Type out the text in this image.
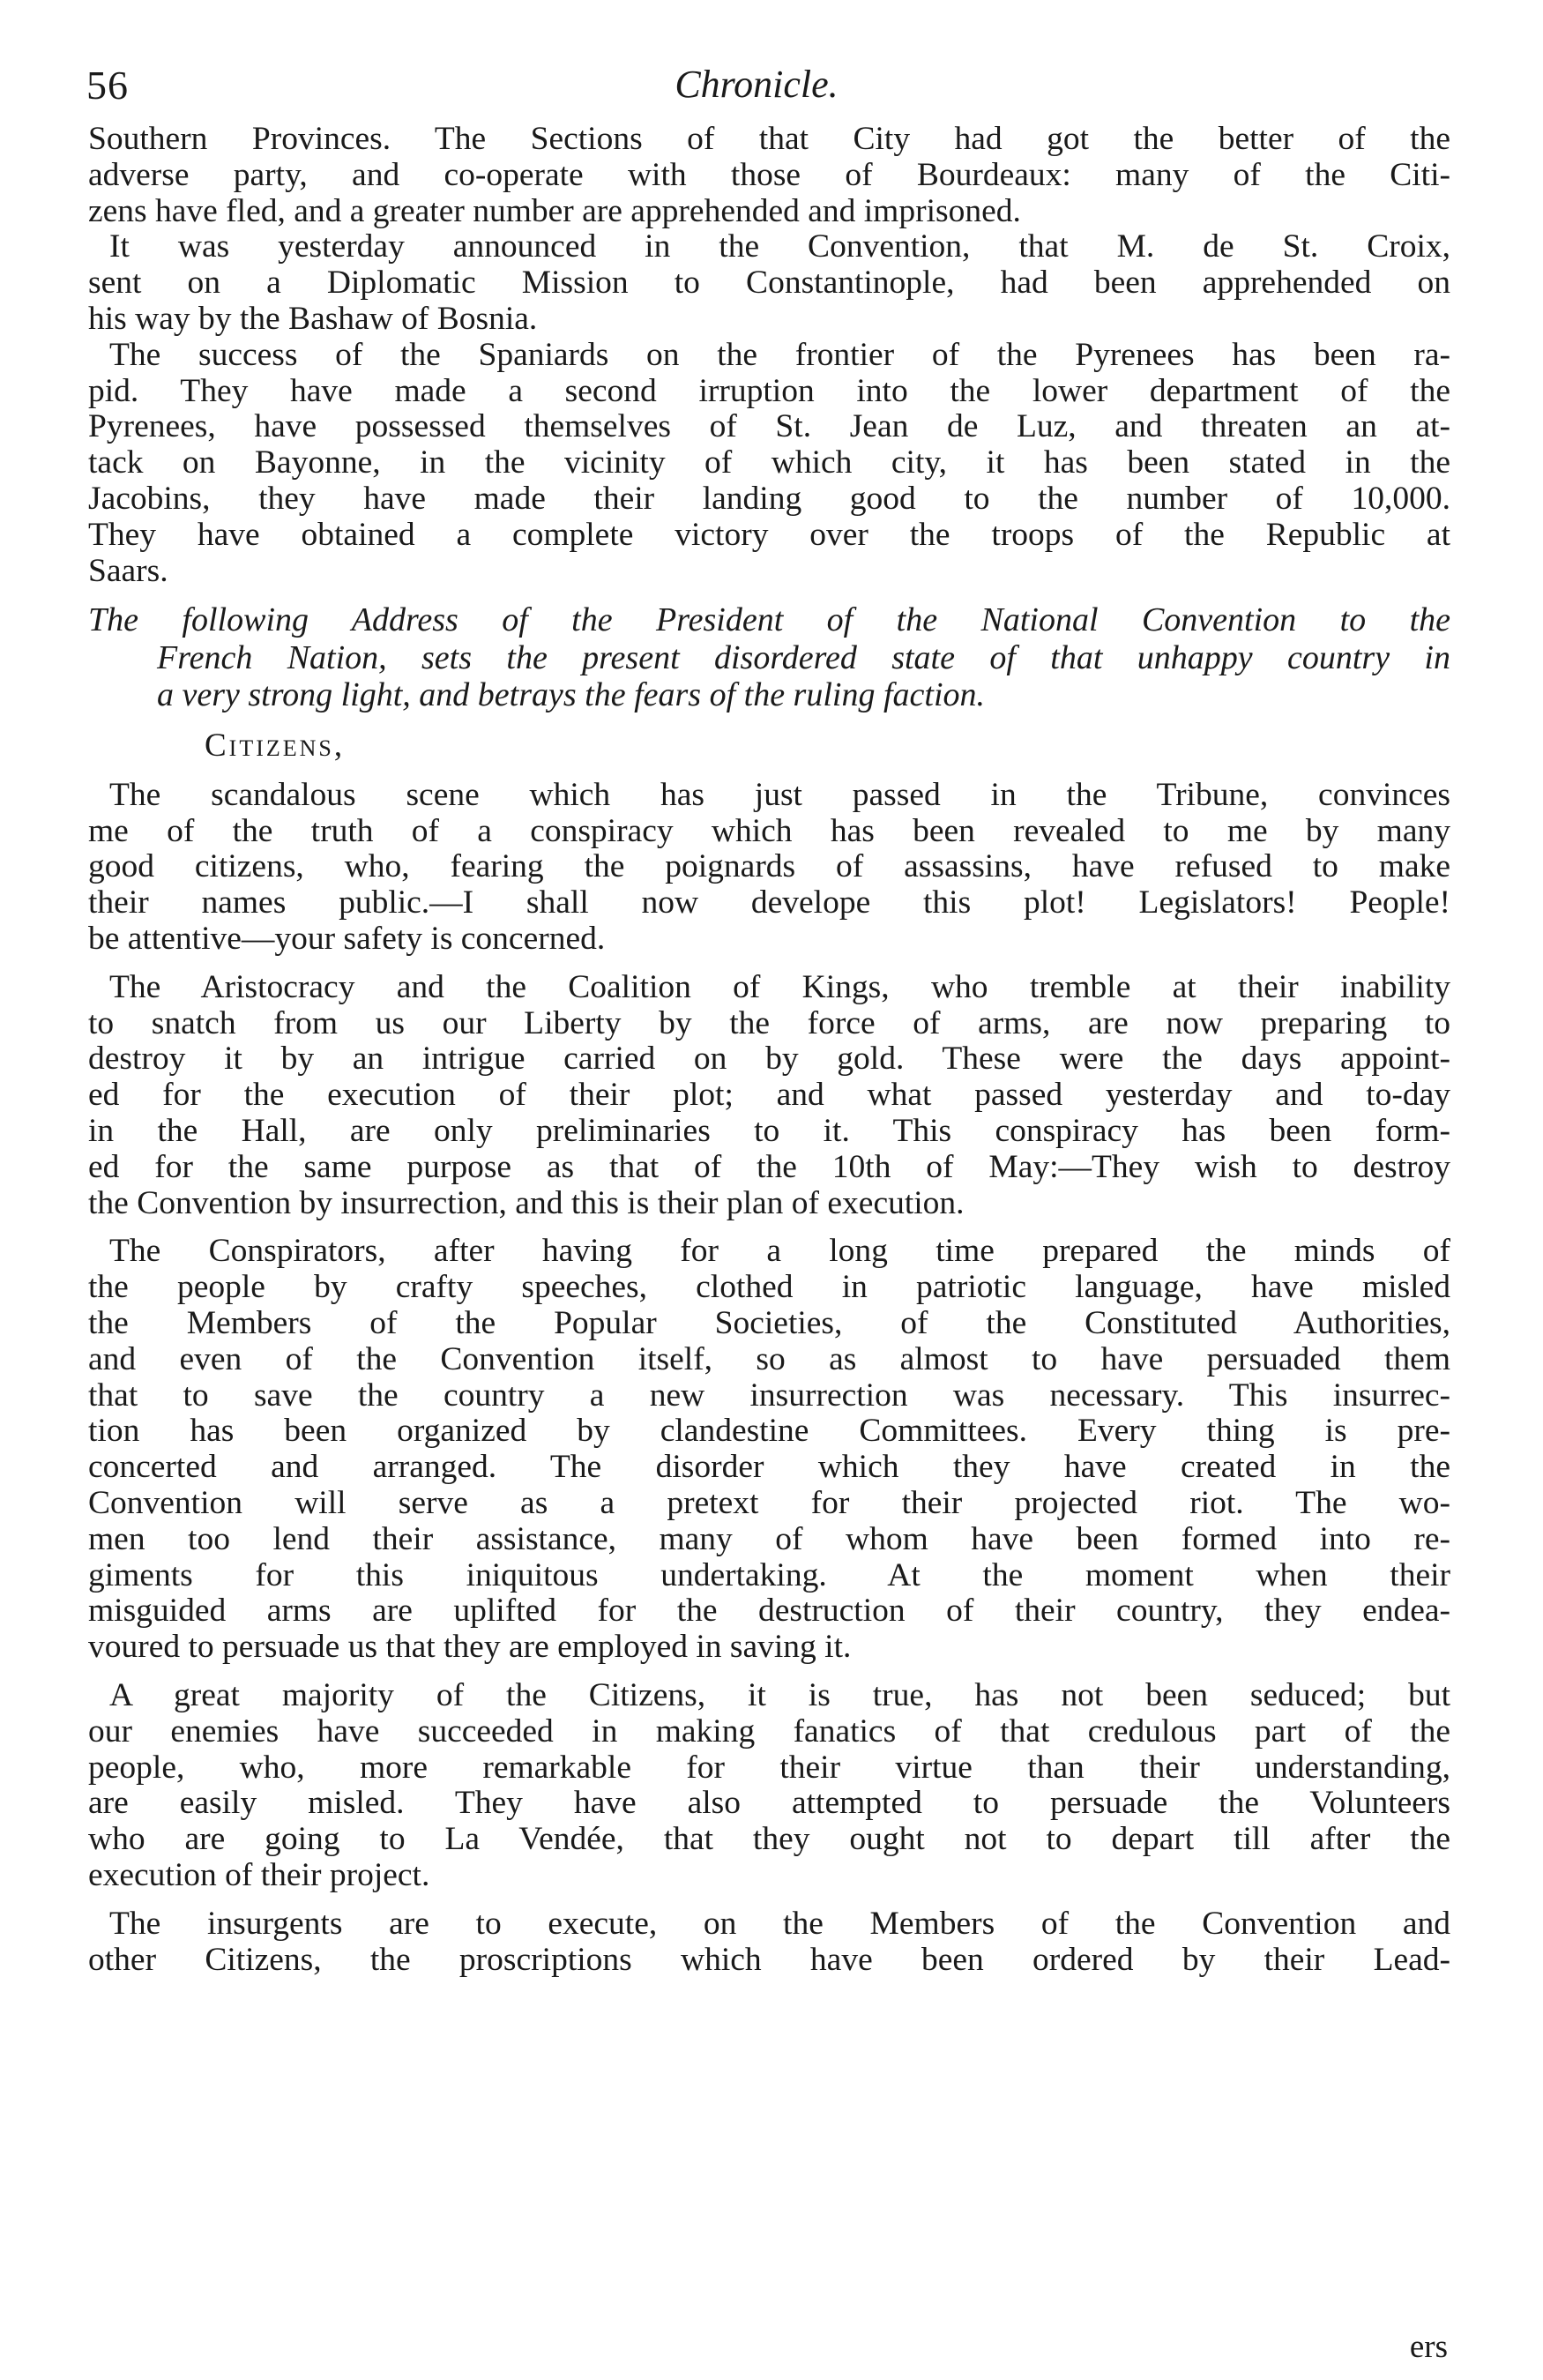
56	Chronicle.
Southern Provinces. The Sections of that City had got the better of the
adverse party, and co-operate with those of Bourdeaux: many of the Citi-
zens have fled, and a greater number are apprehended and imprisoned.
It was yesterday announced in the Convention, that M. de St. Croix,
sent on a Diplomatic Mission to Constantinople, had been apprehended on
his way by the Bashaw of Bosnia.
The success of the Spaniards on the frontier of the Pyrenees has been ra-
pid. They have made a second irruption into the lower department of the
Pyrenees, have possessed themselves of St. Jean de Luz, and threaten an at-
tack on Bayonne, in the vicinity of which city, it has been stated in the
Jacobins, they have made their landing good to the number of 10,000.
They have obtained a complete victory over the troops of the Republic at
Saars.
The following Address of the President of the National Convention to the
French Nation, sets the present disordered state of that unhappy country in
a very strong light, and betrays the fears of the ruling faction.
Citizens,
The scandalous scene which has just passed in the Tribune, convinces
me of the truth of a conspiracy which has been revealed to me by many
good citizens, who, fearing the poignards of assassins, have refused to make
their names public.—I shall now develope this plot! Legislators! People!
be attentive—your safety is concerned.
The Aristocracy and the Coalition of Kings, who tremble at their inability
to snatch from us our Liberty by the force of arms, are now preparing to
destroy it by an intrigue carried on by gold. These were the days appoint-
ed for the execution of their plot; and what passed yesterday and to-day
in the Hall, are only preliminaries to it. This conspiracy has been form-
ed for the same purpose as that of the 10th of May:—They wish to destroy
the Convention by insurrection, and this is their plan of execution.
The Conspirators, after having for a long time prepared the minds of
the people by crafty speeches, clothed in patriotic language, have misled
the Members of the Popular Societies, of the Constituted Authorities,
and even of the Convention itself, so as almost to have persuaded them
that to save the country a new insurrection was necessary. This insurrec-
tion has been organized by clandestine Committees. Every thing is pre-
concerted and arranged. The disorder which they have created in the
Convention will serve as a pretext for their projected riot. The wo-
men too lend their assistance, many of whom have been formed into re-
giments for this iniquitous undertaking. At the moment when their
misguided arms are uplifted for the destruction of their country, they endea-
voured to persuade us that they are employed in saving it.
A great majority of the Citizens, it is true, has not been seduced; but
our enemies have succeeded in making fanatics of that credulous part of the
people, who, more remarkable for their virtue than their understanding,
are easily misled. They have also attempted to persuade the Volunteers
who are going to La Vendée, that they ought not to depart till after the
execution of their project.
The insurgents are to execute, on the Members of the Convention and
other Citizens, the proscriptions which have been ordered by their Lead-
ers
